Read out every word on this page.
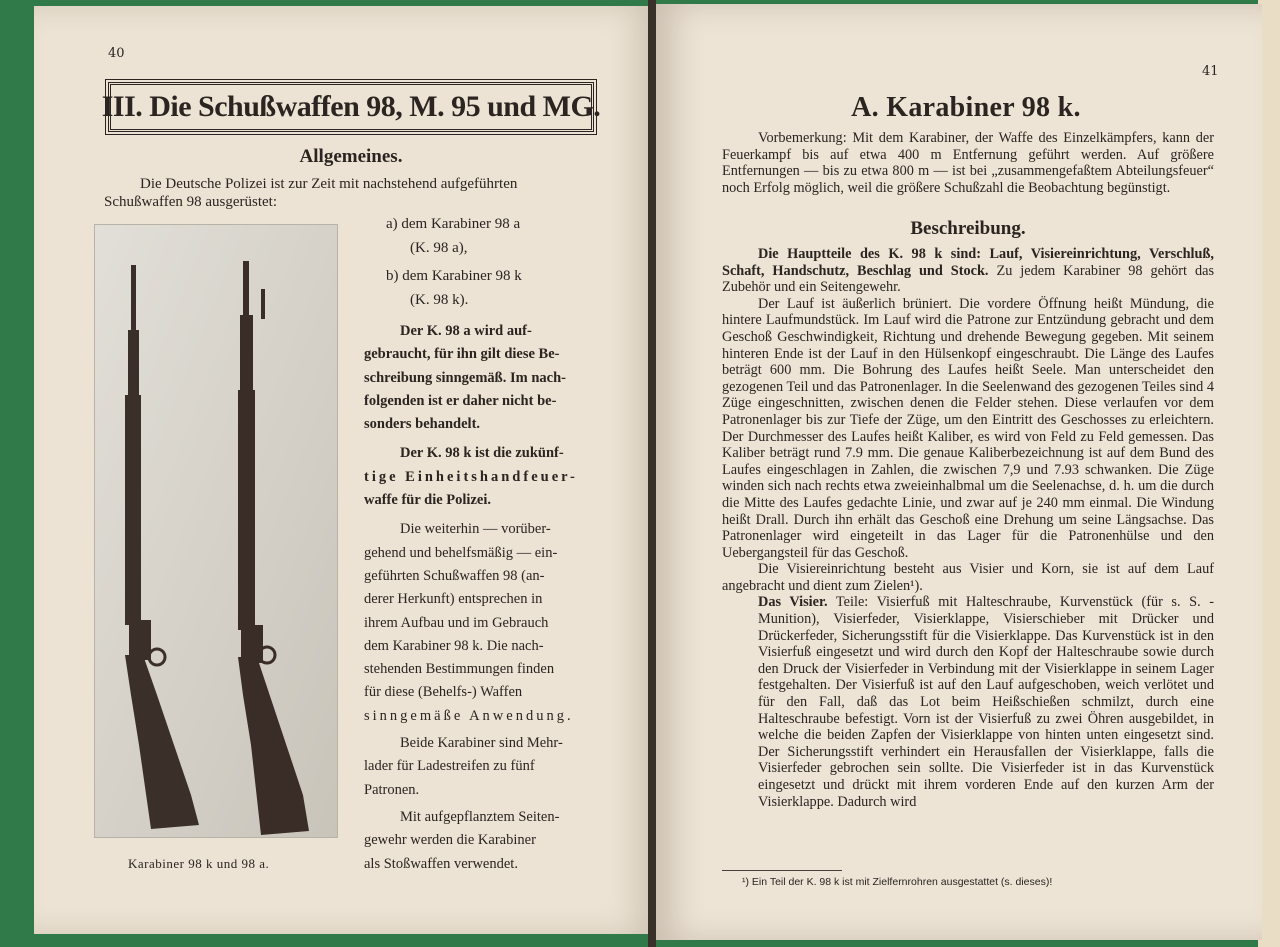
40
III. Die Schußwaffen 98, M. 95 und MG.
Allgemeines.
Die Deutsche Polizei ist zur Zeit mit nachstehend aufgeführten
Schußwaffen 98 ausgerüstet:
Karabiner 98 k und 98 a.
a) dem Karabiner 98 a
(K. 98 a),
b) dem Karabiner 98 k
(K. 98 k).

Der K. 98 a wird auf-

gebraucht, für ihn gilt diese Be-

schreibung sinngemäß. Im nach-

folgenden ist er daher nicht be-

sonders behandelt.

Der K. 98 k ist die zukünf-

tige Einheitshandfeuer-

waffe für die Polizei.

Die weiterhin — vorüber-

gehend und behelfsmäßig — ein-

geführten Schußwaffen 98 (an-

derer Herkunft) entsprechen in

ihrem Aufbau und im Gebrauch

dem Karabiner 98 k. Die nach-

stehenden Bestimmungen finden

für diese (Behelfs-) Waffen

sinngemäße Anwendung.

Beide Karabiner sind Mehr-

lader für Ladestreifen zu fünf

Patronen.

Mit aufgepflanztem Seiten-

gewehr werden die Karabiner

als Stoßwaffen verwendet.

41
A. Karabiner 98 k.

Vorbemerkung: Mit dem Karabiner, der Waffe des Einzelkämpfers, kann der Feuerkampf bis auf etwa 400 m Entfernung geführt werden. Auf größere Entfernungen — bis zu etwa 800 m — ist bei „zusammengefaßtem Abteilungsfeuer“ noch Erfolg möglich, weil die größere Schußzahl die Beobachtung begünstigt.

Beschreibung.

Die Hauptteile des K. 98 k sind: Lauf, Visiereinrichtung, Verschluß, Schaft, Handschutz, Beschlag und Stock. Zu jedem Karabiner 98 gehört das Zubehör und ein Seitengewehr.

Der Lauf ist äußerlich brüniert. Die vordere Öffnung heißt Mündung, die hintere Laufmundstück. Im Lauf wird die Patrone zur Entzündung gebracht und dem Geschoß Geschwindigkeit, Richtung und drehende Bewegung gegeben. Mit seinem hinteren Ende ist der Lauf in den Hülsenkopf eingeschraubt. Die Länge des Laufes beträgt 600 mm. Die Bohrung des Laufes heißt Seele. Man unterscheidet den gezogenen Teil und das Patronenlager. In die Seelenwand des gezogenen Teiles sind 4 Züge eingeschnitten, zwischen denen die Felder stehen. Diese verlaufen vor dem Patronenlager bis zur Tiefe der Züge, um den Eintritt des Geschosses zu erleichtern. Der Durchmesser des Laufes heißt Kaliber, es wird von Feld zu Feld gemessen. Das Kaliber beträgt rund 7.9 mm. Die genaue Kaliberbezeichnung ist auf dem Bund des Laufes eingeschlagen in Zahlen, die zwischen 7,9 und 7.93 schwanken. Die Züge winden sich nach rechts etwa zweieinhalbmal um die Seelenachse, d. h. um die durch die Mitte des Laufes gedachte Linie, und zwar auf je 240 mm einmal. Die Windung heißt Drall. Durch ihn erhält das Geschoß eine Drehung um seine Längsachse. Das Patronenlager wird eingeteilt in das Lager für die Patronenhülse und den Uebergangsteil für das Geschoß.

Die Visiereinrichtung besteht aus Visier und Korn, sie ist auf dem Lauf angebracht und dient zum Zielen¹).

Das Visier. Teile: Visierfuß mit Halteschraube, Kurvenstück (für s. S. - Munition), Visierfeder, Visierklappe, Visierschieber mit Drücker und Drückerfeder, Sicherungsstift für die Visierklappe. Das Kurvenstück ist in den Visierfuß eingesetzt und wird durch den Kopf der Halteschraube sowie durch den Druck der Visierfeder in Verbindung mit der Visierklappe in seinem Lager festgehalten. Der Visierfuß ist auf den Lauf aufgeschoben, weich verlötet und für den Fall, daß das Lot beim Heißschießen schmilzt, durch eine Halteschraube befestigt. Vorn ist der Visierfuß zu zwei Öhren ausgebildet, in welche die beiden Zapfen der Visierklappe von hinten unten eingesetzt sind. Der Sicherungsstift verhindert ein Herausfallen der Visierklappe, falls die Visierfeder gebrochen sein sollte. Die Visierfeder ist in das Kurvenstück eingesetzt und drückt mit ihrem vorderen Ende auf den kurzen Arm der Visierklappe. Dadurch wird

¹) Ein Teil der K. 98 k ist mit Zielfernrohren ausgestattet (s. dieses)!
